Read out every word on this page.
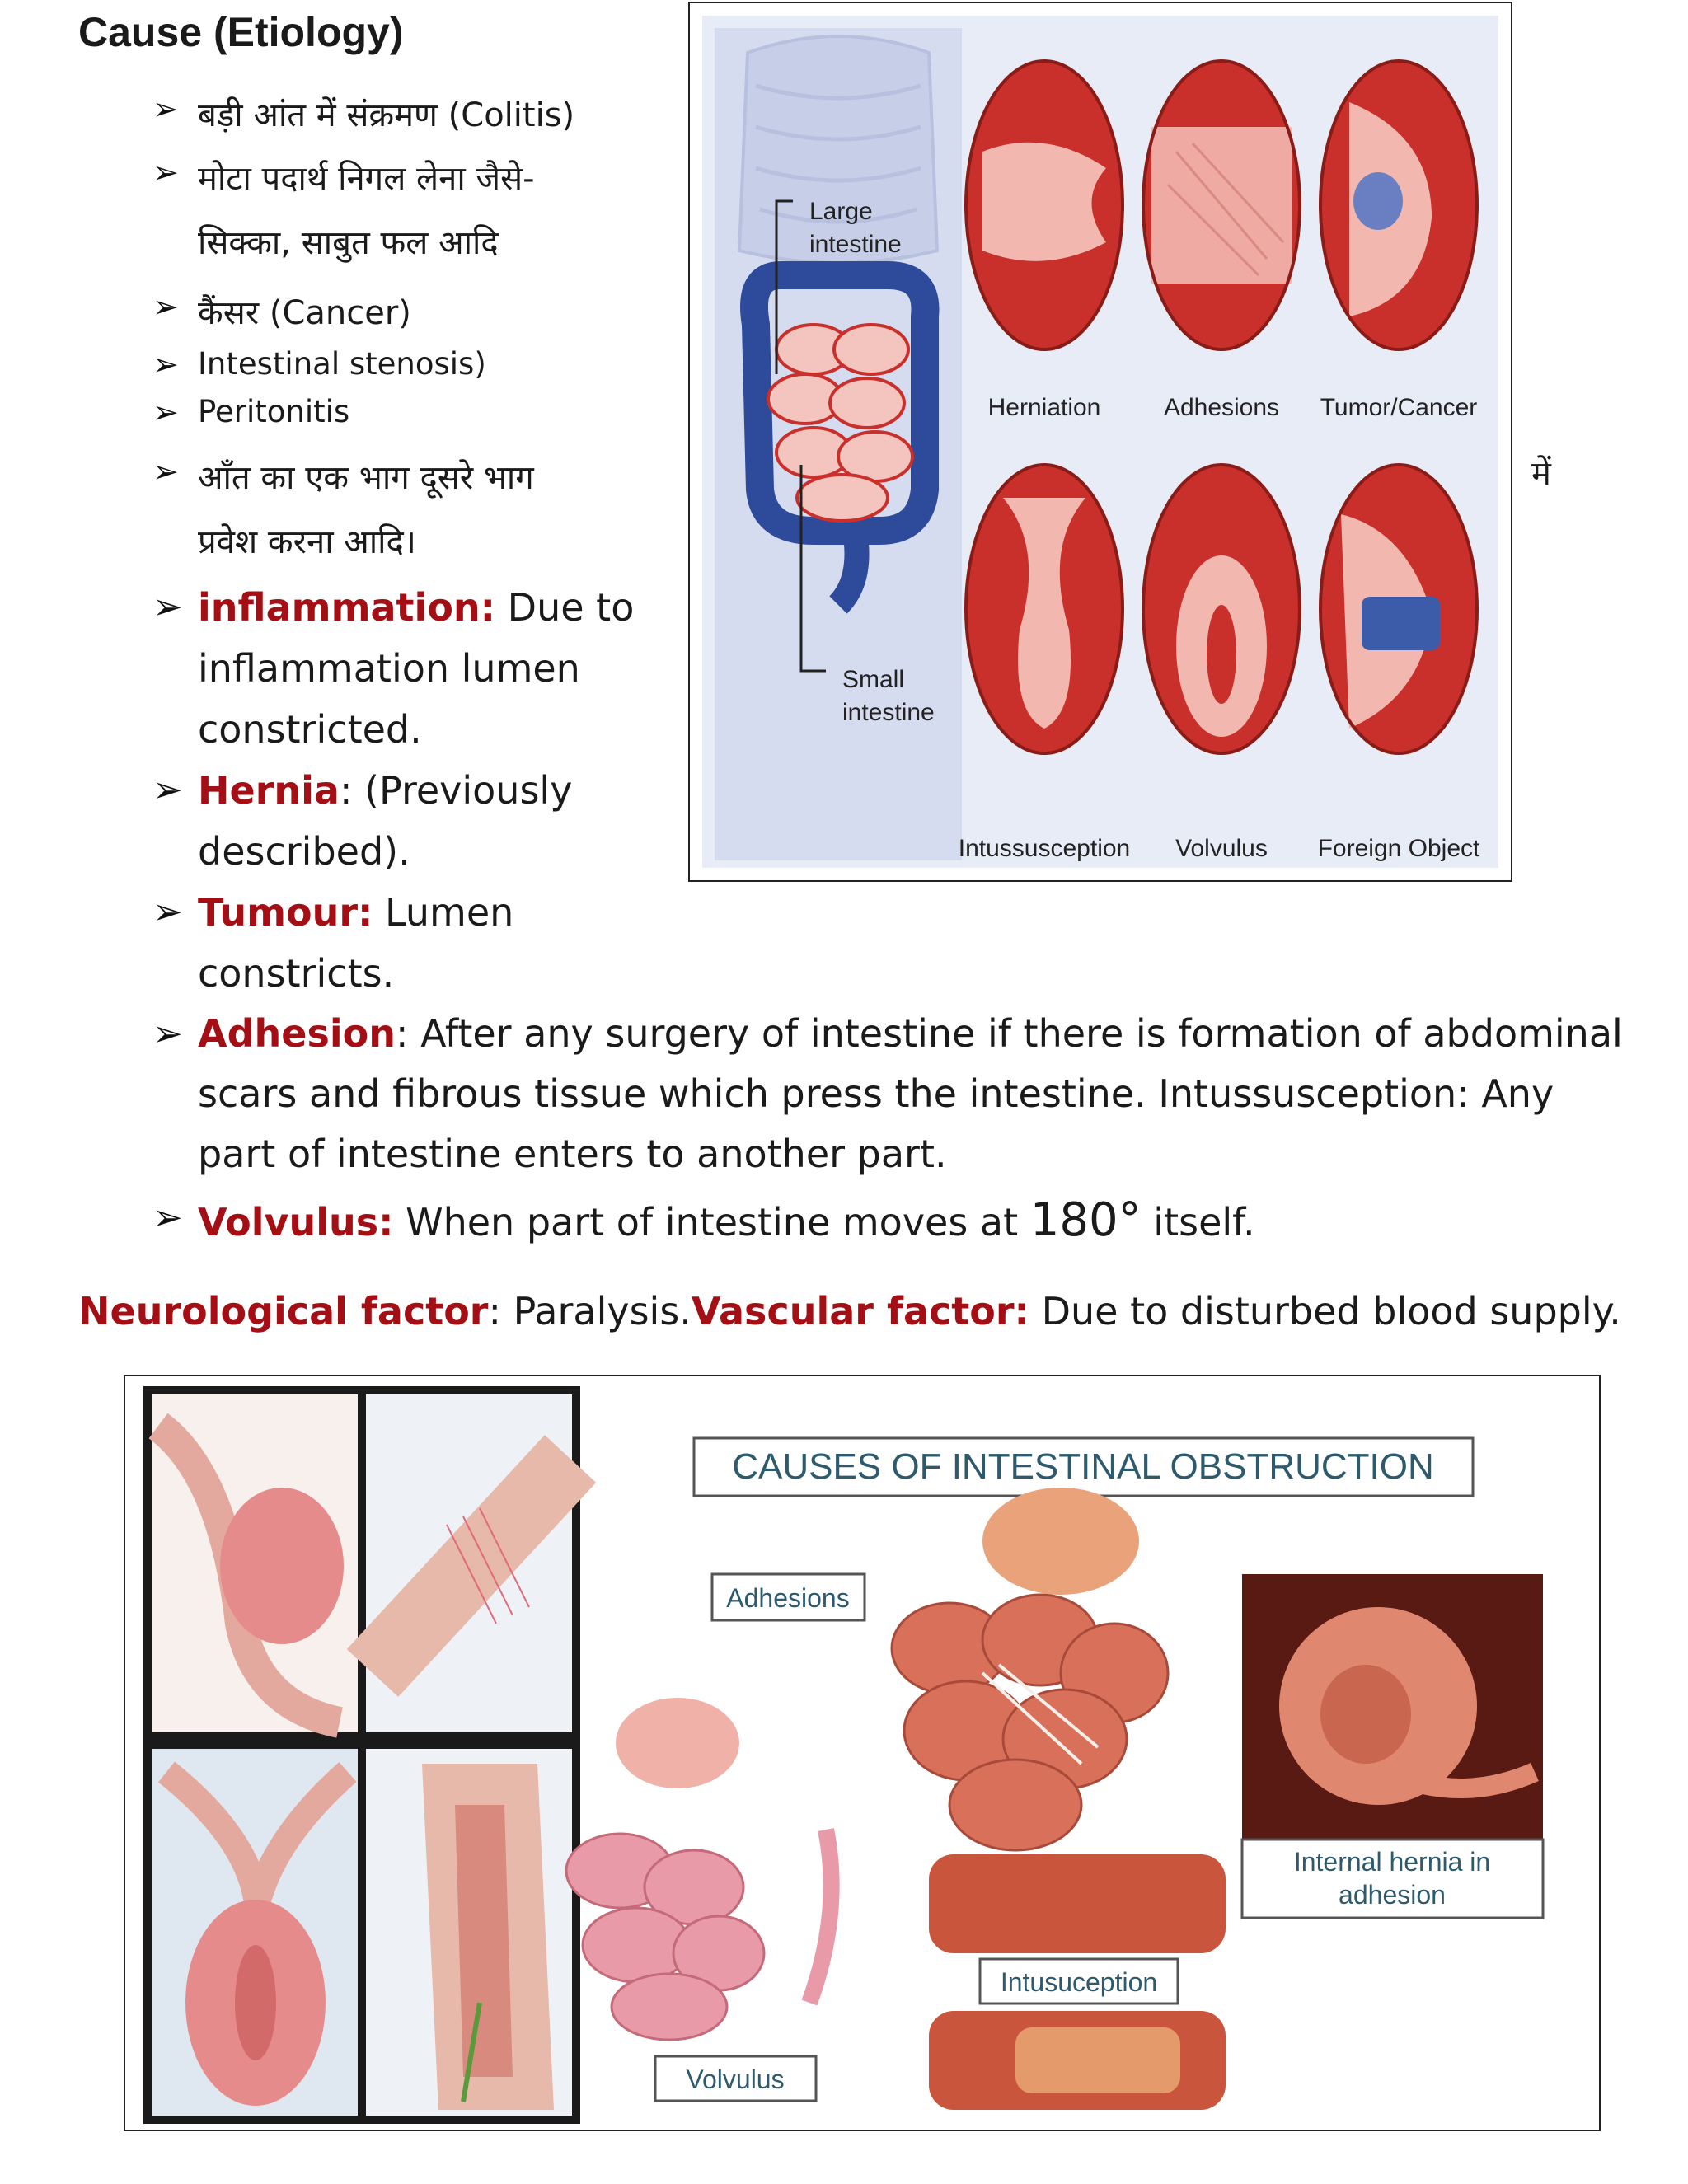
Cause (Etiology)
➢ बड़ी आंत में संक्रमण (Colitis)
➢ मोटा पदार्थ निगल लेना जैसे-
सिक्का, साबुत फल आदि
➢ कैंसर (Cancer)
➢ Intestinal stenosis)
➢ Peritonitis
➢ आँत का एक भाग दूसरे भाग
प्रवेश करना आदि।
में
➢ inflammation: Due to
inflammation lumen
constricted.
➢ Hernia: (Previously
described).
➢ Tumour: Lumen
constricts.
➢ Adhesion: After any surgery of intestine if there is formation of abdominal
scars and fibrous tissue which press the intestine. Intussusception: Any
part of intestine enters to another part.
➢ Volvulus: When part of intestine moves at 180° itself.
Neurological factor: Paralysis.Vascular factor: Due to disturbed blood supply.
Large
intestine
Small
intestine
Herniation	Adhesions Tumor/Cancer
Intussusception Volvulus Foreign Object
CAUSES OF INTESTINAL OBSTRUCTION
Adhesions
Volvulus
Intusuception
Internal hernia in
adhesion
